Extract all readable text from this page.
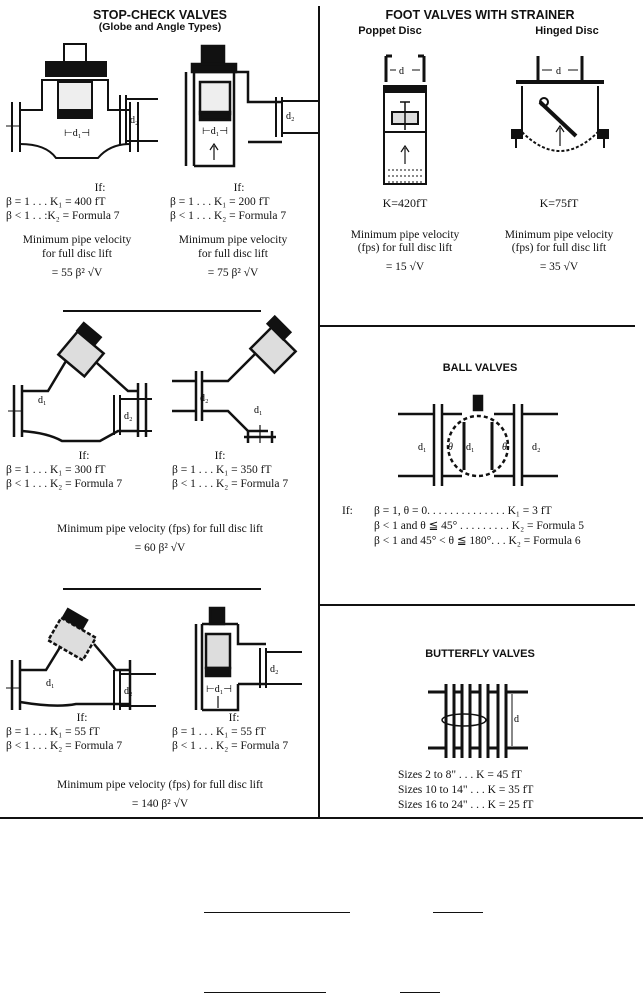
STOP-CHECK VALVES
(Globe and Angle Types)
⊢d₁⊣
d₂
⊢d₁⊣
d₂
If:
β = 1 . . . K₁ = 400 fT
β < 1 . . :K₂ = Formula 7
Minimum pipe velocity
for full disc lift
= 55 β² √V
If:
β = 1 . . . K₁ = 200 fT
β < 1 . . . K₂ = Formula 7
Minimum pipe velocity
for full disc lift
= 75 β² √V
d₁
d₂
d₂
d₁
If:
β = 1 . . . K₁ = 300 fT
β < 1 . . . K₂ = Formula 7
If:
β = 1 . . . K₁ = 350 fT
β < 1 . . . K₂ = Formula 7
Minimum pipe velocity (fps) for full disc lift
= 60 β² √V
d₁
d₂	⊢d₁⊣
d₂
If:
β = 1 . . . K₁ = 55 fT
β < 1 . . . K₂ = Formula 7
If:
β = 1 . . . K₁ = 55 fT
β < 1 . . . K₂ = Formula 7
Minimum pipe velocity (fps) for full disc lift
= 140 β² √V
FOOT VALVES WITH STRAINER
Poppet Disc	Hinged Disc
d	d
K=420fT	K=75fT
Minimum pipe velocity
(fps) for full disc lift
= 15 √V
Minimum pipe velocity
(fps) for full disc lift
= 35 √V
BALL VALVES
d₁ θ d₁	θ	d₂
If: β = 1, θ = 0. . . . . . . . . . . . . . K₁ = 3 fT
β < 1 and θ ≦ 45° . . . . . . . . . K₂ = Formula 5
β < 1 and 45° < θ ≦ 180°. . . K₂ = Formula 6
BUTTERFLY VALVES
d
Sizes 2 to 8" . . . K = 45 fT
Sizes 10 to 14" . . . K = 35 fT
Sizes 16 to 24" . . . K = 25 fT
